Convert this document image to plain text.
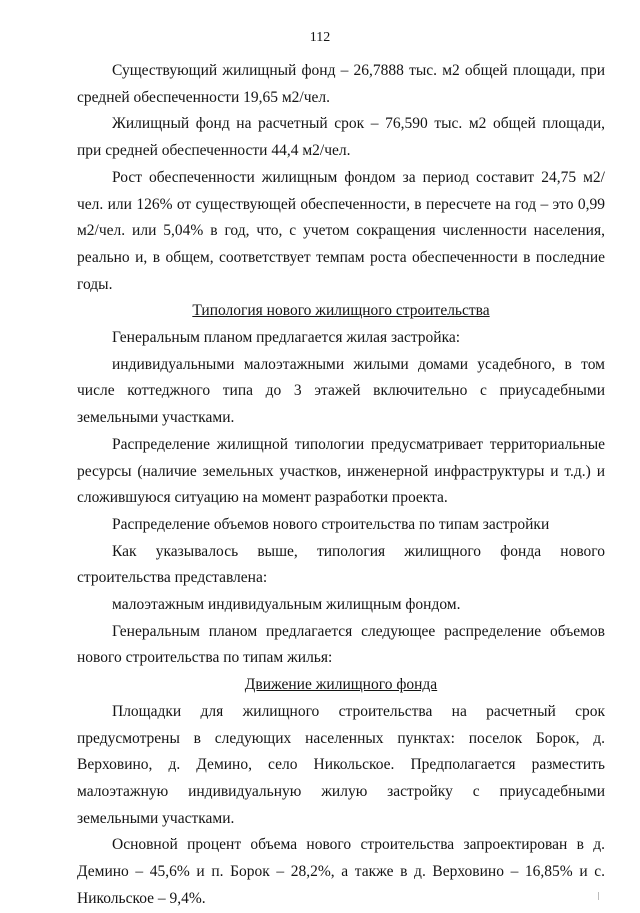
112

Существующий жилищный фонд – 26,7888 тыс. м2 общей площади, при средней обеспеченности 19,65 м2/чел.

Жилищный фонд на расчетный срок – 76,590 тыс. м2 общей площади, при средней обеспеченности 44,4 м2/чел.

Рост обеспеченности жилищным фондом за период составит 24,75 м2/чел. или 126% от существующей обеспеченности, в пересчете на год – это 0,99 м2/чел. или 5,04% в год, что, с учетом сокращения численности населения, реально и, в общем, соответствует темпам роста обеспеченности в последние годы.

Типология нового жилищного строительства

Генеральным планом предлагается жилая застройка:

индивидуальными малоэтажными жилыми домами усадебного, в том числе коттеджного типа до 3 этажей включительно с приусадебными земельными участками.

Распределение жилищной типологии предусматривает территориальные ресурсы (наличие земельных участков, инженерной инфраструктуры и т.д.) и сложившуюся ситуацию на момент разработки проекта.

Распределение объемов нового строительства по типам застройки

Как указывалось выше, типология жилищного фонда нового строительства представлена:

малоэтажным индивидуальным жилищным фондом.

Генеральным планом предлагается следующее распределение объемов нового строительства по типам жилья:

Движение жилищного фонда

Площадки для жилищного строительства на расчетный срок предусмотрены в следующих населенных пунктах: поселок Борок, д. Верховино, д. Демино, село Никольское. Предполагается разместить малоэтажную индивидуальную жилую застройку с приусадебными земельными участками.

Основной процент объема нового строительства запроектирован в д. Демино – 45,6% и п. Борок – 28,2%, а также в д. Верховино – 16,85% и с. Никольское – 9,4%.
